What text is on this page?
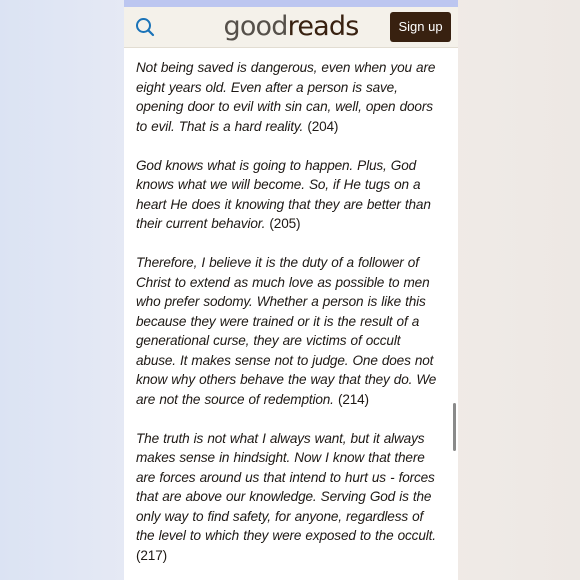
goodreads	Sign up

Not being saved is dangerous, even when you are eight years old. Even after a person is save, opening door to evil with sin can, well, open doors to evil. That is a hard reality. (204)

God knows what is going to happen. Plus, God knows what we will become. So, if He tugs on a heart He does it knowing that they are better than their current behavior. (205)

Therefore, I believe it is the duty of a follower of Christ to extend as much love as possible to men who prefer sodomy. Whether a person is like this because they were trained or it is the result of a generational curse, they are victims of occult abuse. It makes sense not to judge. One does not know why others behave the way that they do. We are not the source of redemption. (214)

The truth is not what I always want, but it always makes sense in hindsight. Now I know that there are forces around us that intend to hurt us - forces that are above our knowledge. Serving God is the only way to find safety, for anyone, regardless of the level to which they were exposed to the occult. (217)
